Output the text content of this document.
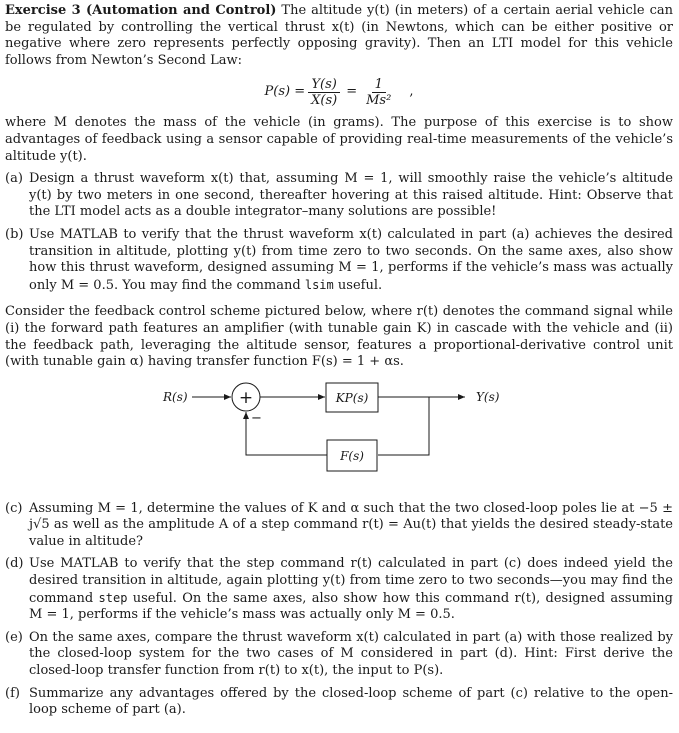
Exercise 3 (Automation and Control) The altitude y(t) (in meters) of a certain aerial vehicle can be regulated by controlling the vertical thrust x(t) (in Newtons, which can be either positive or negative where zero represents perfectly opposing gravity). Then an LTI model for this vehicle follows from Newton’s Second Law:

$P(s) = \frac{Y(s)}{X(s)} = \frac{1}{\text{Ms²}}$ ,

where M denotes the mass of the vehicle (in grams). The purpose of this exercise is to show advantages of feedback using a sensor capable of providing real-time measurements of the vehicle’s altitude y(t).

(a) Design a thrust waveform x(t) that, assuming M = 1, will smoothly raise the vehicle’s altitude y(t) by two meters in one second, thereafter hovering at this raised altitude. Hint: Observe that the LTI model acts as a double integrator–many solutions are possible!
(b) Use MATLAB to verify that the thrust waveform x(t) calculated in part (a) achieves the desired transition in altitude, plotting y(t) from time zero to two seconds. On the same axes, also show how this thrust waveform, designed assuming M = 1, performs if the vehicle’s mass was actually only M = 0.5. You may find the command lsim useful.

Consider the feedback control scheme pictured below, where r(t) denotes the command signal while (i) the forward path features an amplifier (with tunable gain K) in cascade with the vehicle and (ii) the feedback path, leveraging the altitude sensor, features a proportional-derivative control unit (with tunable gain α) having transfer function F(s) = 1 + αs.

R(s)	+
−
KP(s)	Y(s)
F(s)
(c) Assuming M = 1, determine the values of K and α such that the two closed-loop poles lie at −5 ± j√5 as well as the amplitude A of a step command r(t) = Au(t) that yields the desired steady-state value in altitude?
(d) Use MATLAB to verify that the step command r(t) calculated in part (c) does indeed yield the desired transition in altitude, again plotting y(t) from time zero to two seconds—you may find the command step useful. On the same axes, also show how this command r(t), designed assuming M = 1, performs if the vehicle’s mass was actually only M = 0.5.
(e) On the same axes, compare the thrust waveform x(t) calculated in part (a) with those realized by the closed-loop system for the two cases of M considered in part (d). Hint: First derive the closed-loop transfer function from r(t) to x(t), the input to P(s).
(f) Summarize any advantages offered by the closed-loop scheme of part (c) relative to the open-loop scheme of part (a).
